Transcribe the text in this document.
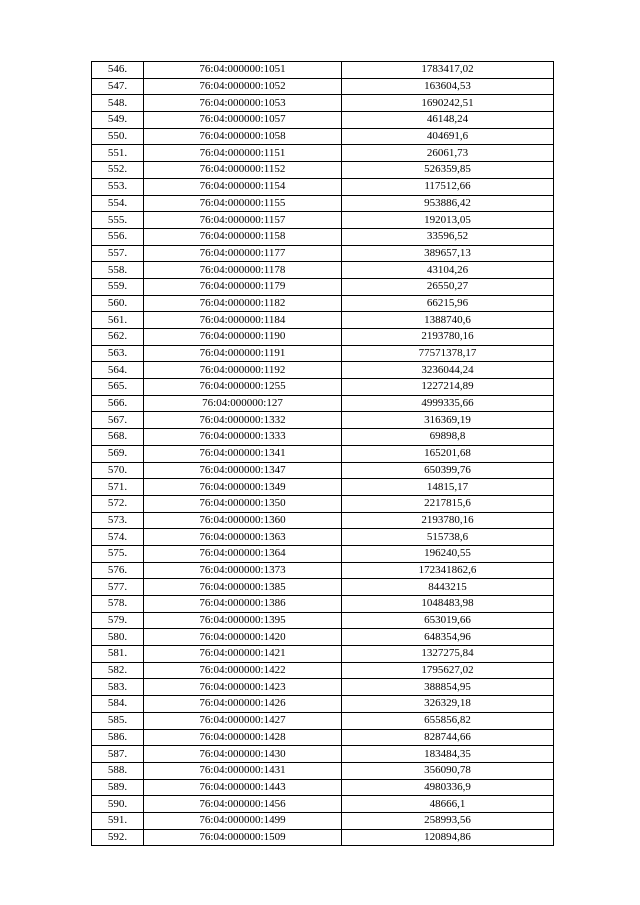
546.	76:04:000000:1051	1783417,02
547.	76:04:000000:1052	163604,53
548.	76:04:000000:1053	1690242,51
549.	76:04:000000:1057	46148,24
550.	76:04:000000:1058	404691,6
551.	76:04:000000:1151	26061,73
552.	76:04:000000:1152	526359,85
553.	76:04:000000:1154	117512,66
554.	76:04:000000:1155	953886,42
555.	76:04:000000:1157	192013,05
556.	76:04:000000:1158	33596,52
557.	76:04:000000:1177	389657,13
558.	76:04:000000:1178	43104,26
559.	76:04:000000:1179	26550,27
560.	76:04:000000:1182	66215,96
561.	76:04:000000:1184	1388740,6
562.	76:04:000000:1190	2193780,16
563.	76:04:000000:1191	77571378,17
564.	76:04:000000:1192	3236044,24
565.	76:04:000000:1255	1227214,89
566.	76:04:000000:127	4999335,66
567.	76:04:000000:1332	316369,19
568.	76:04:000000:1333	69898,8
569.	76:04:000000:1341	165201,68
570.	76:04:000000:1347	650399,76
571.	76:04:000000:1349	14815,17
572.	76:04:000000:1350	2217815,6
573.	76:04:000000:1360	2193780,16
574.	76:04:000000:1363	515738,6
575.	76:04:000000:1364	196240,55
576.	76:04:000000:1373	172341862,6
577.	76:04:000000:1385	8443215
578.	76:04:000000:1386	1048483,98
579.	76:04:000000:1395	653019,66
580.	76:04:000000:1420	648354,96
581.	76:04:000000:1421	1327275,84
582.	76:04:000000:1422	1795627,02
583.	76:04:000000:1423	388854,95
584.	76:04:000000:1426	326329,18
585.	76:04:000000:1427	655856,82
586.	76:04:000000:1428	828744,66
587.	76:04:000000:1430	183484,35
588.	76:04:000000:1431	356090,78
589.	76:04:000000:1443	4980336,9
590.	76:04:000000:1456	48666,1
591.	76:04:000000:1499	258993,56
592.	76:04:000000:1509	120894,86
